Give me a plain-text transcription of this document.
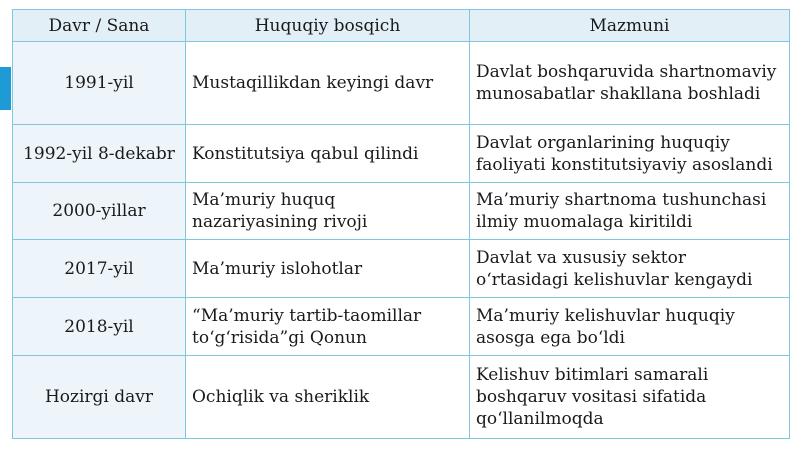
Davr / Sana	Huquqiy bosqich	Mazmuni
1991-yil	Mustaqillikdan keyingi davr	Davlat boshqaruvida shartnomaviy munosabatlar shakllana boshladi
1992-yil 8-dekabr	Konstitutsiya qabul qilindi	Davlat organlarining huquqiy faoliyati konstitutsiyaviy asoslandi
2000-yillar	Ma’muriy huquq nazariyasining rivoji	Ma’muriy shartnoma tushunchasi ilmiy muomalaga kiritildi
2017-yil	Ma’muriy islohotlar	Davlat va xususiy sektor o‘rtasidagi kelishuvlar kengaydi
2018-yil	“Ma’muriy tartib-taomillar to‘g‘risida”gi Qonun	Ma’muriy kelishuvlar huquqiy asosga ega bo‘ldi
Hozirgi davr	Ochiqlik va sheriklik	Kelishuv bitimlari samarali boshqaruv vositasi sifatida qo‘llanilmoqda
